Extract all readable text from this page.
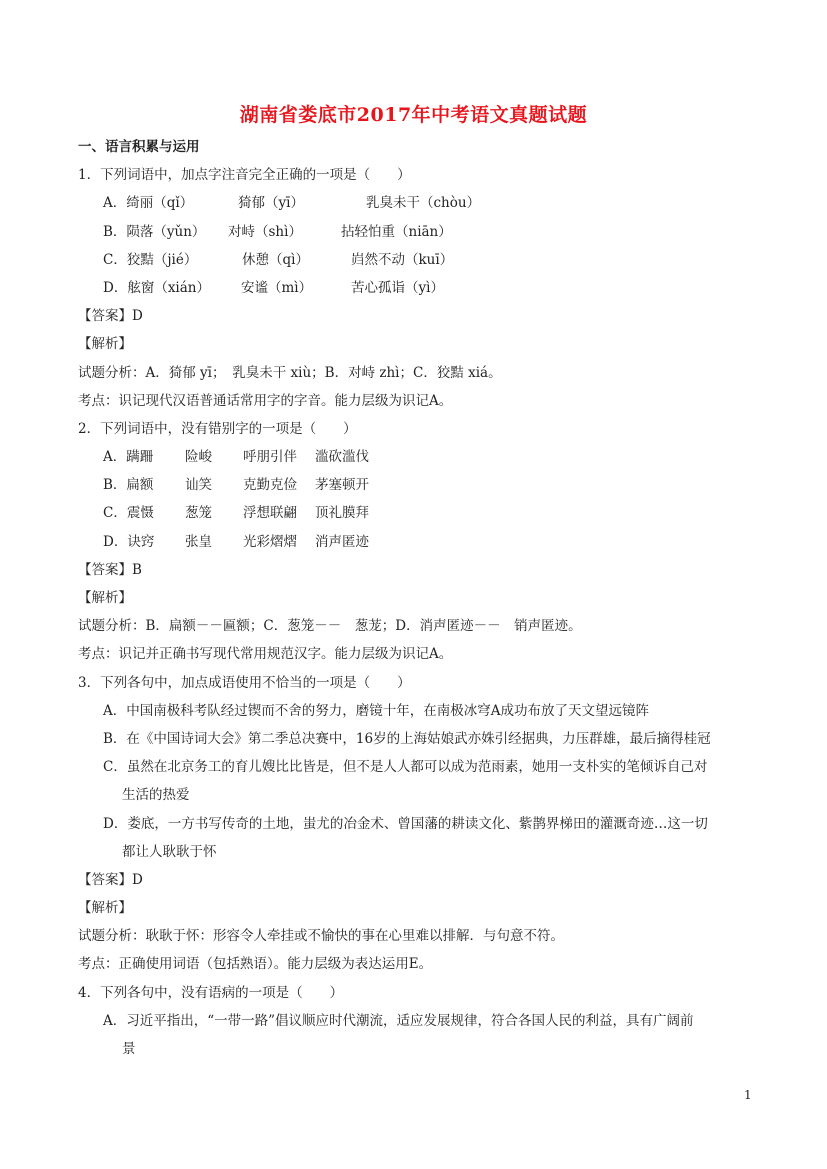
湖南省娄底市2017年中考语文真题试题
一、语言积累与运用
1．下列词语中，加点字注音完全正确的一项是（　　）
A．绮丽（qǐ）	猗郁（yī）	乳臭未干（chòu）
B．陨落（yǔn）	对峙（shì）	拈轻怕重（niān）
C．狡黠（jié）	休憩（qì）	岿然不动（kuī）
D．舷窗（xián）	安谧（mì）	苦心孤诣（yì）
【答案】D
【解析】
试题分析：A．猗郁 yī；　乳臭未干 xiù；B．对峙 zhì；C．狡黠 xiá。
考点：识记现代汉语普通话常用字的字音。能力层级为识记A。
2．下列词语中，没有错别字的一项是（　　）
A．蹒跚	险峻	呼朋引伴	滥砍滥伐
B．扁额	讪笑	克勤克俭	茅塞顿开
C．震慑	葱笼	浮想联翩	顶礼膜拜
D．诀窍	张皇	光彩熠熠	消声匿迹
【答案】B
【解析】
试题分析：B．扁额－－匾额；C．葱笼－－　葱茏；D．消声匿迹－－　销声匿迹。
考点：识记并正确书写现代常用规范汉字。能力层级为识记A。
3．下列各句中，加点成语使用不恰当的一项是（　　）
A．中国南极科考队经过锲而不舍的努力，磨镜十年，在南极冰穹A成功布放了天文望远镜阵
B．在《中国诗词大会》第二季总决赛中，16岁的上海姑娘武亦姝引经据典，力压群雄，最后摘得桂冠
C．虽然在北京务工的育儿嫂比比皆是，但不是人人都可以成为范雨素，她用一支朴实的笔倾诉自己对
生活的热爱
D．娄底，一方书写传奇的土地，蚩尤的冶金术、曾国藩的耕读文化、紫鹊界梯田的灌溉奇迹…这一切
都让人耿耿于怀
【答案】D
【解析】
试题分析：耿耿于怀：形容令人牵挂或不愉快的事在心里难以排解．与句意不符。
考点：正确使用词语（包括熟语）。能力层级为表达运用E。
4．下列各句中，没有语病的一项是（　　）
A．习近平指出，“一带一路”倡议顺应时代潮流，适应发展规律，符合各国人民的利益，具有广阔前
景
1
